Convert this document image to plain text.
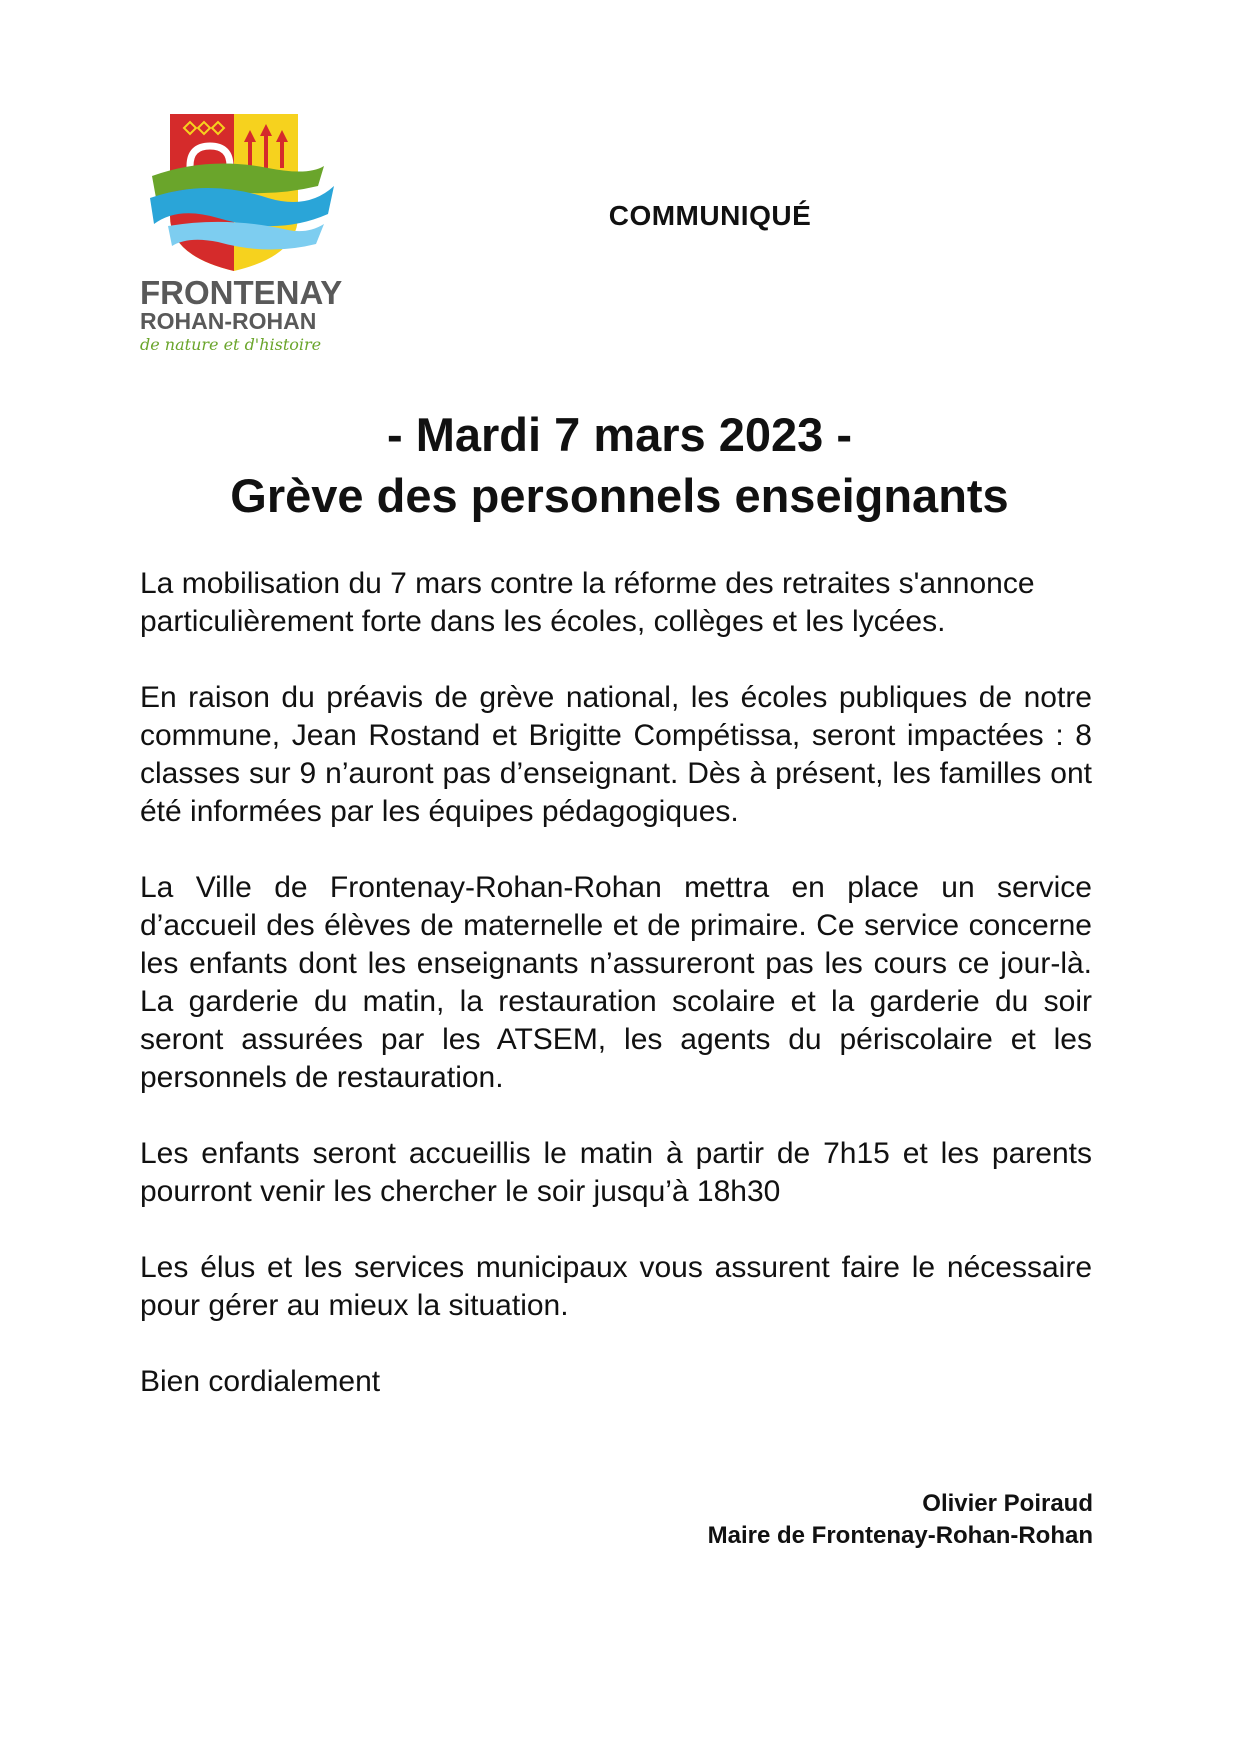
FRONTENAY
ROHAN-ROHAN
de nature et d'histoire
COMMUNIQUÉ
- Mardi 7 mars 2023 -
Grève des personnels enseignants

La mobilisation du 7 mars contre la réforme des retraites s'annonce particulièrement forte dans les écoles, collèges et les lycées.

En raison du préavis de grève national, les écoles publiques de notre commune, Jean Rostand et Brigitte Compétissa, seront impactées : 8 classes sur 9 n’auront pas d’enseignant. Dès à présent, les familles ont été informées par les équipes pédagogiques.

La Ville de Frontenay-Rohan-Rohan mettra en place un service d’accueil des élèves de maternelle et de primaire. Ce service concerne les enfants dont les enseignants n’assureront pas les cours ce jour-là. La garderie du matin, la restauration scolaire et la garderie du soir seront assurées par les ATSEM, les agents du périscolaire et les personnels de restauration.

Les enfants seront accueillis le matin à partir de 7h15 et les parents pourront venir les chercher le soir jusqu’à 18h30

Les élus et les services municipaux vous assurent faire le nécessaire pour gérer au mieux la situation.

Bien cordialement

Olivier Poiraud
Maire de Frontenay-Rohan-Rohan
